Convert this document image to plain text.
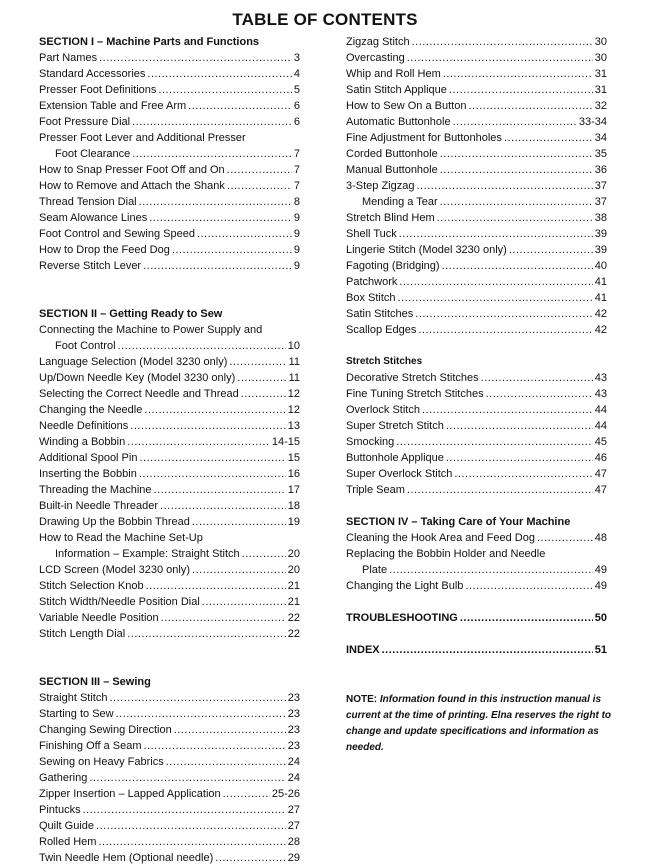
TABLE OF CONTENTS
SECTION I – Machine Parts and Functions
Part Names .....	3
Standard Accessories .....	4
Presser Foot Definitions .....	5
Extension Table and Free Arm .....	6
Foot Pressure Dial .....	6
Presser Foot Lever and Additional Presser
Foot Clearance .....	7
How to Snap Presser Foot Off and On .....	7
How to Remove and Attach the Shank .....	7
Thread Tension Dial .....	8
Seam Alowance Lines .....	9
Foot Control and Sewing Speed .....	9
How to Drop the Feed Dog .....	9
Reverse Stitch Lever .....	9
SECTION II – Getting Ready to Sew
Connecting the Machine to Power Supply and
Foot Control .....	10
Language Selection (Model 3230 only) .....	11
Up/Down Needle Key (Model 3230 only) .....	11
Selecting the Correct Needle and Thread .....	12
Changing the Needle .....	12
Needle Definitions .....	13
Winding a Bobbin .....	14-15
Additional Spool Pin .....	15
Inserting the Bobbin .....	16
Threading the Machine .....	17
Built-in Needle Threader .....	18
Drawing Up the Bobbin Thread .....	19
How to Read the Machine Set-Up
Information – Example: Straight Stitch .....	20
LCD Screen (Model 3230 only) .....	20
Stitch Selection Knob .....	21
Stitch Width/Needle Position Dial .....	21
Variable Needle Position .....	22
Stitch Length Dial .....	22
SECTION III – Sewing
Straight Stitch .....	23
Starting to Sew .....	23
Changing Sewing Direction .....	23
Finishing Off a Seam .....	23
Sewing on Heavy Fabrics .....	24
Gathering .....	24
Zipper Insertion – Lapped Application .....	25-26
Pintucks .....	27
Quilt Guide .....	27
Rolled Hem .....	28
Twin Needle Hem (Optional needle) .....	29
Zigzag Stitch .....	30
Overcasting .....	30
Whip and Roll Hem .....	31
Satin Stitch Applique .....	31
How to Sew On a Button .....	32
Automatic Buttonhole .....	33-34
Fine Adjustment for Buttonholes .....	34
Corded Buttonhole .....	35
Manual Buttonhole .....	36
3-Step Zigzag .....	37
Mending a Tear .....	37
Stretch Blind Hem .....	38
Shell Tuck .....	39
Lingerie Stitch (Model 3230 only) .....	39
Fagoting (Bridging) .....	40
Patchwork .....	41
Box Stitch .....	41
Satin Stitches .....	42
Scallop Edges .....	42
Stretch Stitches
Decorative Stretch Stitches .....	43
Fine Tuning Stretch Stitches .....	43
Overlock Stitch .....	44
Super Stretch Stitch .....	44
Smocking .....	45
Buttonhole Applique .....	46
Super Overlock Stitch .....	47
Triple Seam .....	47
SECTION IV – Taking Care of Your Machine
Cleaning the Hook Area and Feed Dog .....	48
Replacing the Bobbin Holder and Needle
Plate .....	49
Changing the Light Bulb .....	49
TROUBLESHOOTING .....	50
INDEX .....	51
NOTE: Information found in this instruction manual is current at the time of printing. Elna reserves the right to change and update specifications and information as needed.
